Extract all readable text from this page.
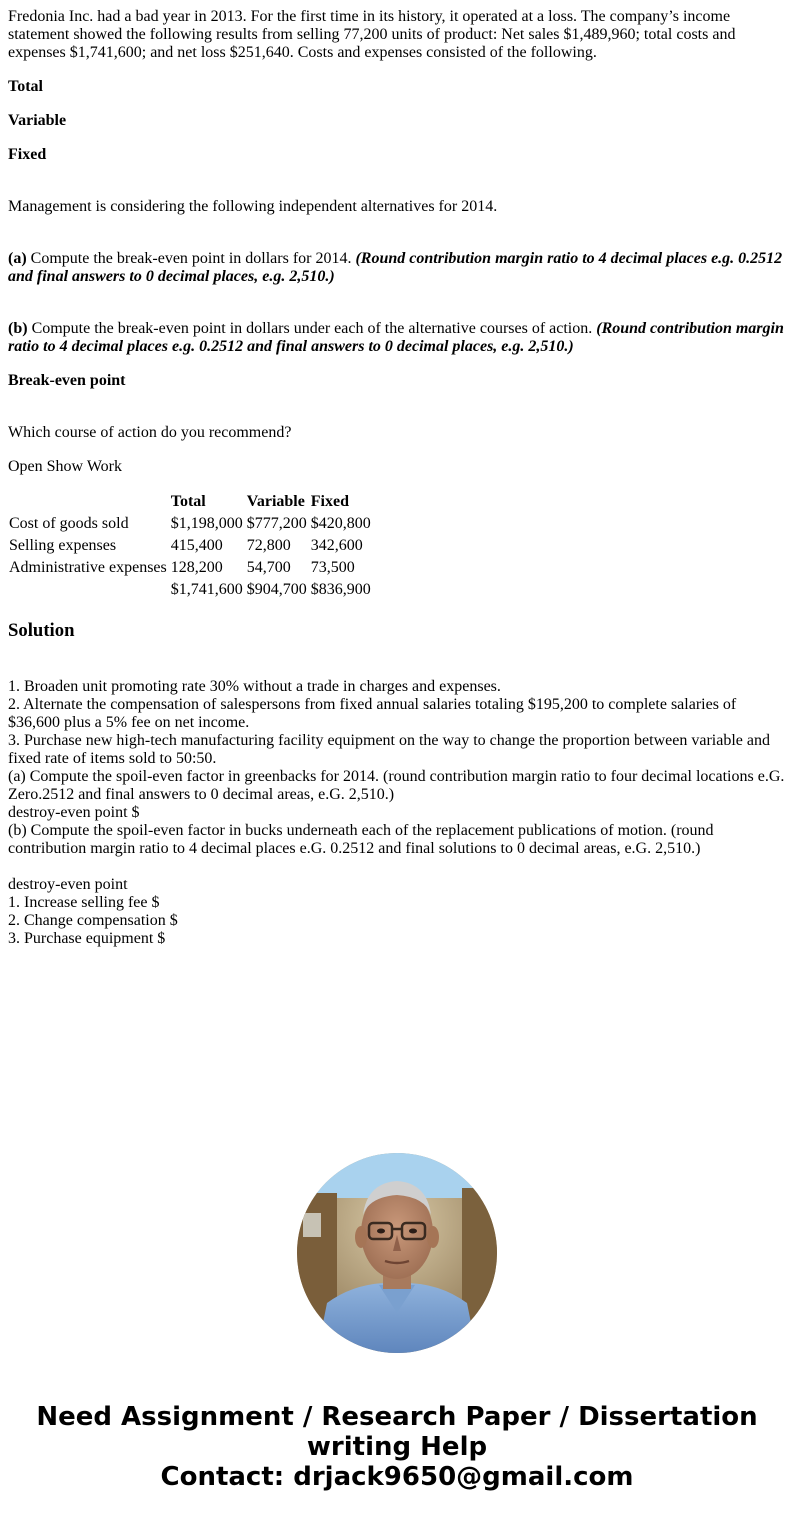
Fredonia Inc. had a bad year in 2013. For the first time in its history, it operated at a loss. The company’s income statement showed the following results from selling 77,200 units of product: Net sales $1,489,960; total costs and expenses $1,741,600; and net loss $251,640. Costs and expenses consisted of the following.

Total

Variable

Fixed

Management is considering the following independent alternatives for 2014.

(a) Compute the break-even point in dollars for 2014. (Round contribution margin ratio to 4 decimal places e.g. 0.2512 and final answers to 0 decimal places, e.g. 2,510.)

(b) Compute the break-even point in dollars under each of the alternative courses of action. (Round contribution margin ratio to 4 decimal places e.g. 0.2512 and final answers to 0 decimal places, e.g. 2,510.)

Break-even point

Which course of action do you recommend?

Open Show Work

	Total	Variable	Fixed
Cost of goods sold	$1,198,000	$777,200	$420,800
Selling expenses	415,400	72,800	342,600
Administrative expenses	128,200	54,700	73,500
	$1,741,600	$904,700	$836,900
Solution
1. Broaden unit promoting rate 30% without a trade in charges and expenses.
2. Alternate the compensation of salespersons from fixed annual salaries totaling $195,200 to complete salaries of $36,600 plus a 5% fee on net income.
3. Purchase new high-tech manufacturing facility equipment on the way to change the proportion between variable and fixed rate of items sold to 50:50.
(a) Compute the spoil-even factor in greenbacks for 2014. (round contribution margin ratio to four decimal locations e.G. Zero.2512 and final answers to 0 decimal areas, e.G. 2,510.)
destroy-even point $
(b) Compute the spoil-even factor in bucks underneath each of the replacement publications of motion. (round contribution margin ratio to 4 decimal places e.G. 0.2512 and final solutions to 0 decimal areas, e.G. 2,510.)

destroy-even point
1. Increase selling fee $
2. Change compensation $
3. Purchase equipment $
Need Assignment / Research Paper / Dissertation
writing Help
Contact: drjack9650@gmail.com
